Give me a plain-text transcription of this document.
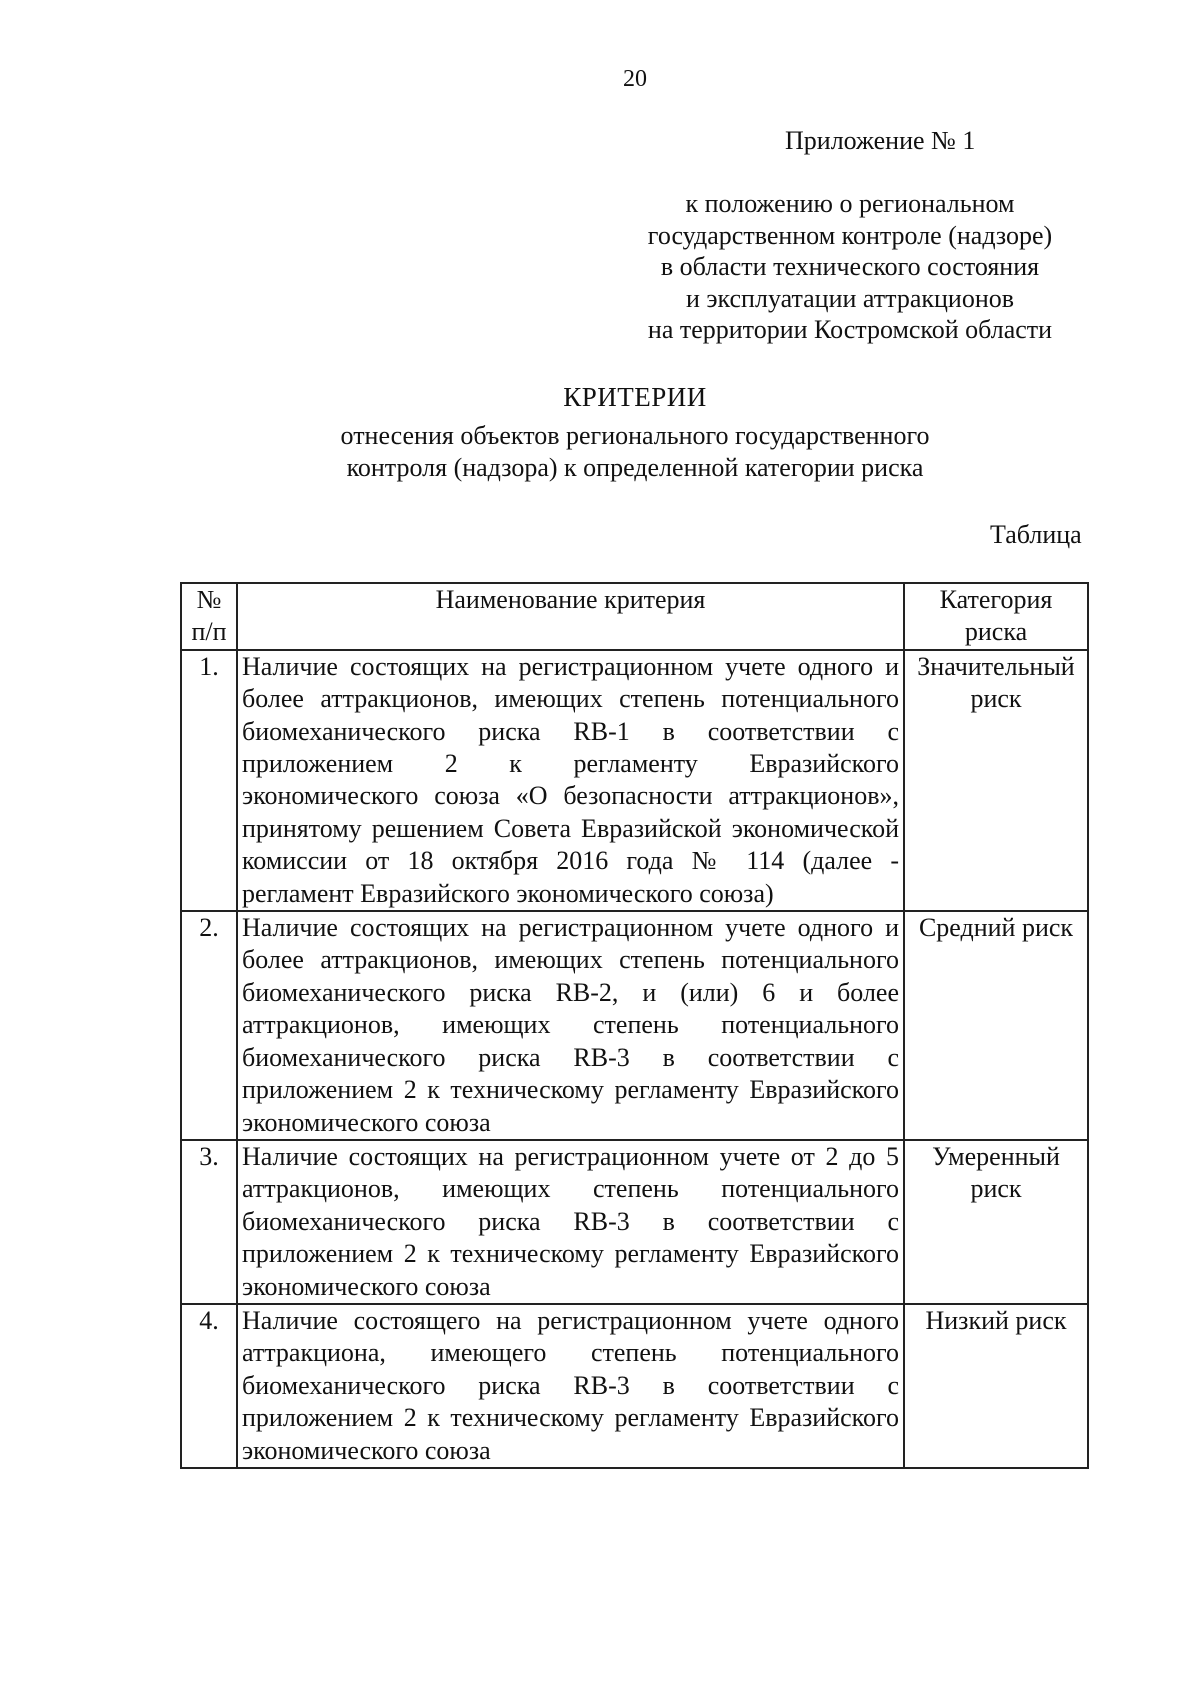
20
Приложение № 1
к положению о региональном
государственном контроле (надзоре)
в области технического состояния
и эксплуатации аттракционов
на территории Костромской области
КРИТЕРИИ
отнесения объектов регионального государственного
контроля (надзора) к определенной категории риска
Таблица
№ п/п	Наименование критерия	Категория риска
1.	Наличие состоящих на регистрационном учете одного и более аттракционов, имеющих степень потенциального биомеханического риска RB-1 в соответствии с приложением 2 к регламенту Евразийского экономического союза «О безопасности аттракционов», принятому решением Совета Евразийской экономической комиссии от 18 октября 2016 года № 114 (далее - регламент Евразийского экономического союза)	Значительный риск
2.	Наличие состоящих на регистрационном учете одного и более аттракционов, имеющих степень потенциального биомеханического риска RB-2, и (или) 6 и более аттракционов, имеющих степень потенциального биомеханического риска RB-3 в соответствии с приложением 2 к техническому регламенту Евразийского экономического союза	Средний риск
3.	Наличие состоящих на регистрационном учете от 2 до 5 аттракционов, имеющих степень потенциального биомеханического риска RB-3 в соответствии с приложением 2 к техническому регламенту Евразийского экономического союза	Умеренный риск
4.	Наличие состоящего на регистрационном учете одного аттракциона, имеющего степень потенциального биомеханического риска RB-3 в соответствии с приложением 2 к техническому регламенту Евразийского экономического союза	Низкий риск
